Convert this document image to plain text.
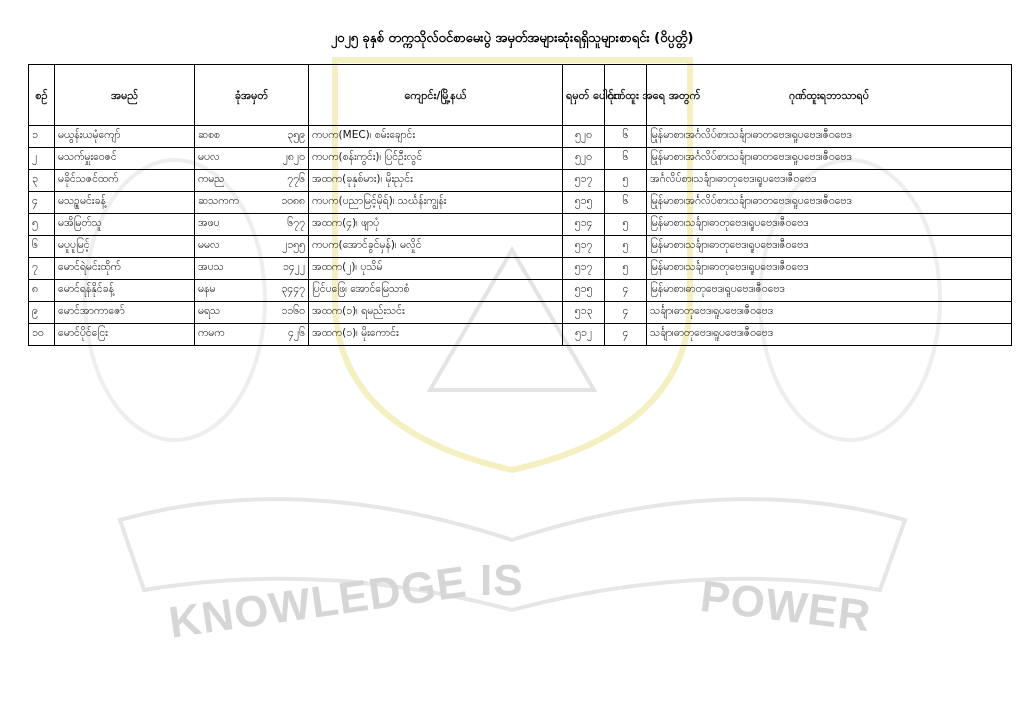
KNOWLEDGE IS	POWER
၂၀၂၅ ခုနှစ် တက္ကသိုလ်ဝင်စာမေးပွဲ အမှတ်အများဆုံးရရှိသူများစာရင်း (ဝိပ္ပတ္တိ)
စဉ်	အမည်	ခုံအမှတ်	ကျောင်း/မြို့နယ်	ရမှတ် ပေါင်း	ဂုဏ်ထူး အရေ အတွက်	ဂုဏ်ထူးရဘာသာရပ်
၁	မယွန်းယမုံကျော်	ဆစစ ၃၅၉	ကပက(MEC)၊ စမ်းချောင်း	၅၂၀	၆	မြန်မာစာ၊အင်္ဂလိပ်စာ၊သင်္ချာ၊ဓာတုဗေဒ၊ရူပဗေဒ၊ဇီဝဗေဒ
၂	မသက်မှူးဝေဇင်	မပလ ၂၈၂၀	ကပက(စန်းကွင်း)၊ ပြင်ဦးလွင်	၅၂၀	၆	မြန်မာစာ၊အင်္ဂလိပ်စာ၊သင်္ချာ၊ဓာတုဗေဒ၊ရူပဗေဒ၊ဇီဝဗေဒ
၃	မခိုင်သဇင်ထက်	ကမည ၇၇၆	အထက(ခုနှစ်မား)၊ မိုးညှင်း	၅၁၇	၅	အင်္ဂလိပ်စာ၊သင်္ချာ၊ဓာတုဗေဒ၊ရူပဗေဒ၊ဇီဝဗေဒ
၄	မသဥ္စမင်းခန့်	ဆသကက ၁၀၈၈	ကပက(ပညာမြင့်မိုရ်)၊ သင်္ဃန်းကျွန်း	၅၁၅	၆	မြန်မာစာ၊အင်္ဂလိပ်စာ၊သင်္ချာ၊ဓာတုဗေဒ၊ရူပဗေဒ၊ဇီဝဗေဒ
၅	မအိမြတ်သူ	အဖပ ၆၇၇	အထက(၄)၊ ဖျာပုံ	၅၁၄	၅	မြန်မာစာ၊သင်္ချာ၊ဓာတုဗေဒ၊ရူပဗေဒ၊ဇီဝဗေဒ
၆	မပူပူမြင့်	မမလ ၂၁၅၅	ကပက(အောင်ခွင်မှန်)၊ မလှိုင်	၅၁၇	၅	မြန်မာစာ၊သင်္ချာ၊ဓာတုဗေဒ၊ရူပဗေဒ၊ဇီဝဗေဒ
၇	မောင်ရဲမင်းထိုက်	အပသ ၁၄၂၂	အထက(၂)၊ ပုသိမ်	၅၁၇	၅	မြန်မာစာ၊သင်္ချာ၊ဓာတုဗေဒ၊ရူပဗေဒ၊ဇီဝဗေဒ
၈	မောင်ရန်နိုင်ခန့်	မနမ ၃၄၄၇	ပြင်ပဖြေ၊ အောင်မြေသာစံ	၅၁၅	၄	မြန်မာစာ၊ဓာတုဗေဒ၊ရူပဗေဒ၊ဇီဝဗေဒ
၉	မောင်အာကာဇော်	မရသ ၁၁၆၀	အထက(၁)၊ ရမည်းသင်း	၅၁၃	၄	သင်္ချာ၊ဓာတုဗေဒ၊ရူပဗေဒ၊ဇီဝဗေဒ
၁၀	မောင်ပိုင်ငြေး	ကမက ၄၂၆	အထက(၁)၊ မိုးကောင်း	၅၁၂	၄	သင်္ချာ၊ဓာတုဗေဒ၊ရူပဗေဒ၊ဇီဝဗေဒ
